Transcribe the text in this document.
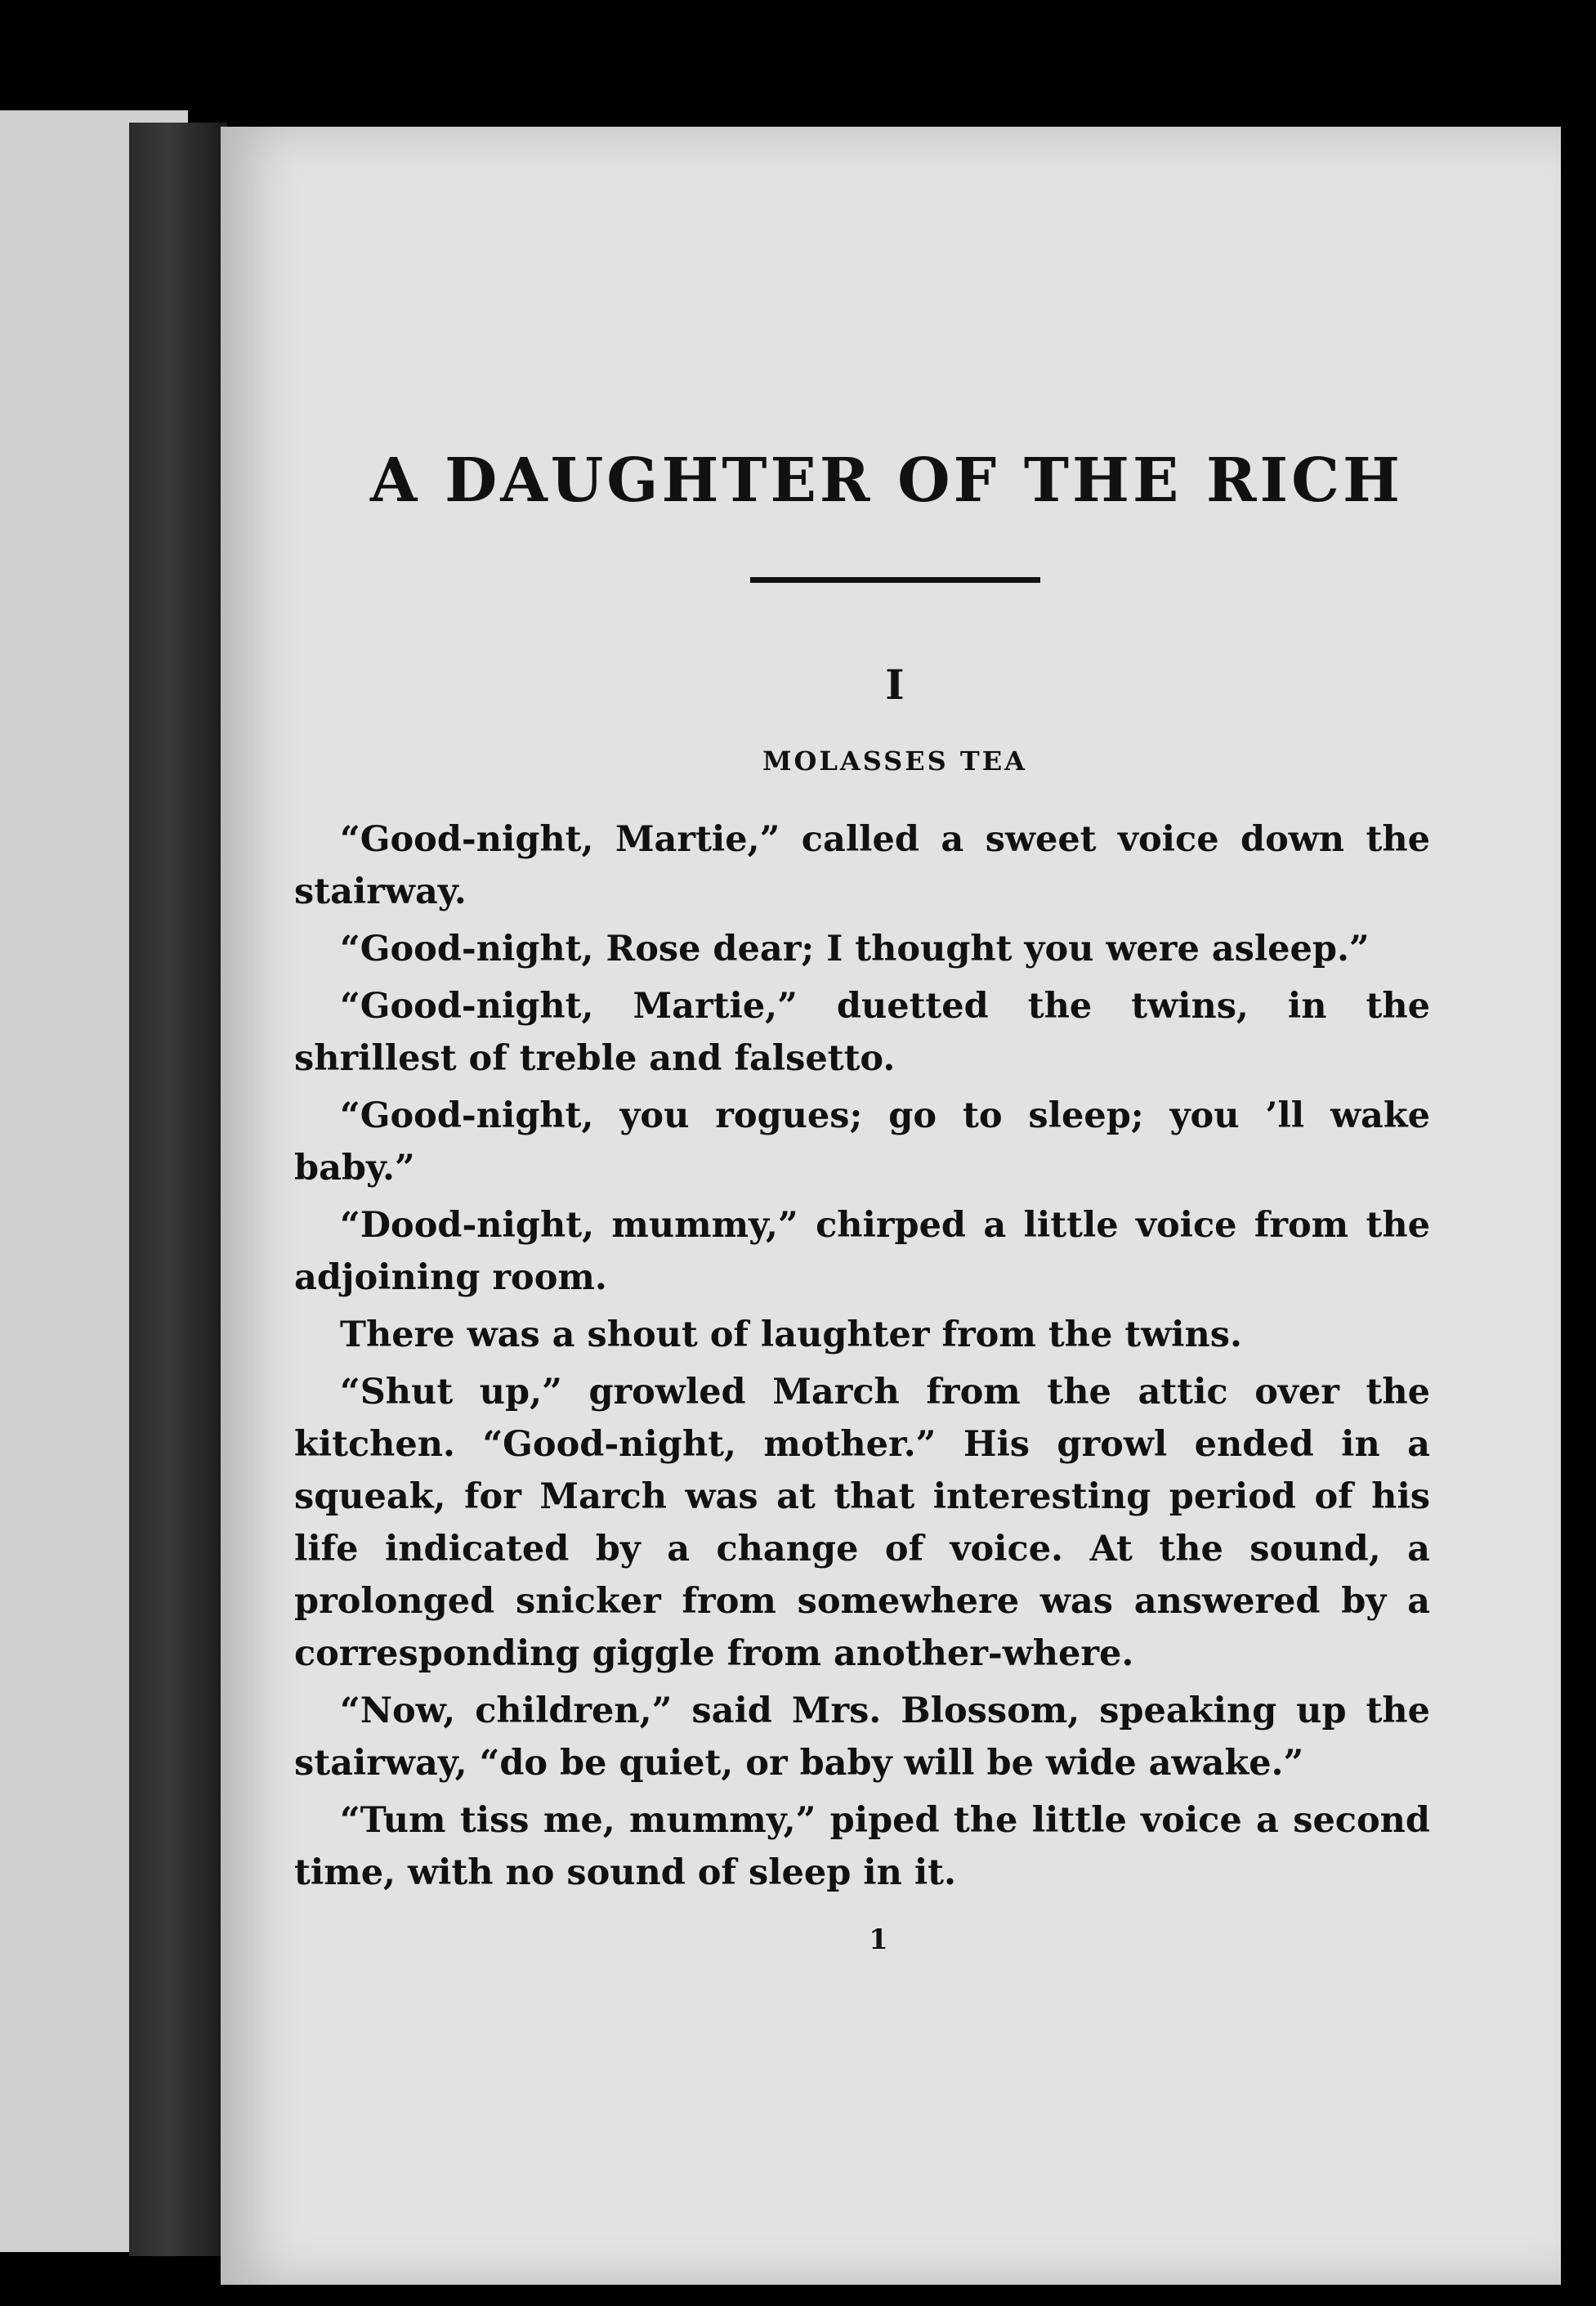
A DAUGHTER OF THE RICH
I
MOLASSES TEA

“Good-night, Martie,” called a sweet voice down the stairway.

“Good-night, Rose dear; I thought you were asleep.”

“Good-night, Martie,” duetted the twins, in the shrillest of treble and falsetto.

“Good-night, you rogues; go to sleep; you ’ll wake baby.”

“Dood-night, mummy,” chirped a little voice from the adjoining room.

There was a shout of laughter from the twins.

“Shut up,” growled March from the attic over the kitchen. “Good-night, mother.” His growl ended in a squeak, for March was at that interesting period of his life indicated by a change of voice. At the sound, a prolonged snicker from somewhere was answered by a corresponding giggle from another-where.

“Now, children,” said Mrs. Blossom, speaking up the stairway, “do be quiet, or baby will be wide awake.”

“Tum tiss me, mummy,” piped the little voice a second time, with no sound of sleep in it.

1
